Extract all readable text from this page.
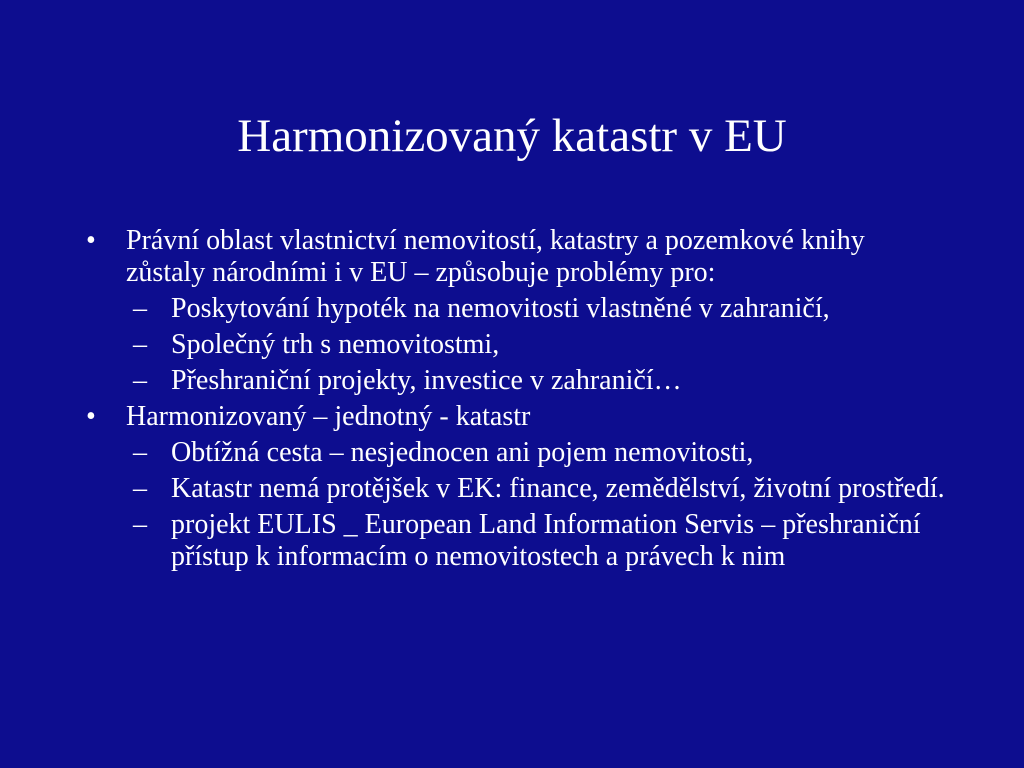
Harmonizovaný katastr v EU
•	Právní oblast vlastnictví nemovitostí, katastry a pozemkové knihy zůstaly národními i v EU – způsobuje problémy pro:
– Poskytování hypoték na nemovitosti vlastněné v zahraničí,
– Společný trh s nemovitostmi,
– Přeshraniční projekty, investice v zahraničí…
•	Harmonizovaný – jednotný - katastr
– Obtížná cesta – nesjednocen ani pojem nemovitosti,
– Katastr nemá protějšek v EK: finance, zemědělství, životní prostředí.
– projekt EULIS _ European Land Information Servis – přeshraniční přístup k informacím o nemovitostech a právech k nim
